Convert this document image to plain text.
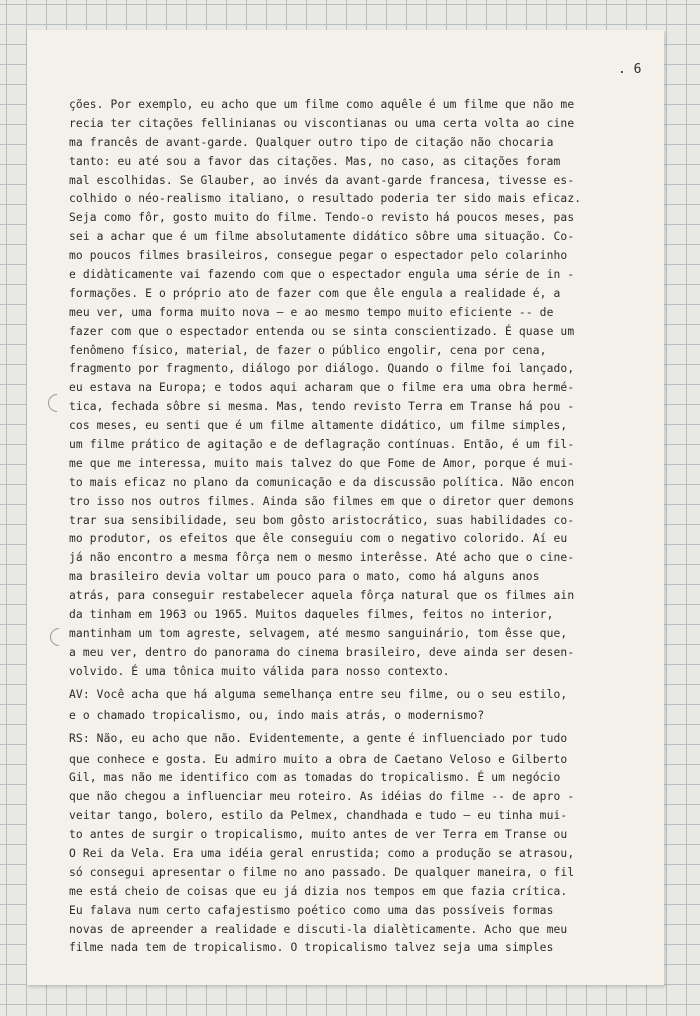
. 6
ções. Por exemplo, eu acho que um filme como aquêle é um filme que não me
recia ter citações fellinianas ou viscontianas ou uma certa volta ao cine
ma francês de avant-garde. Qualquer outro tipo de citação não chocaria
tanto: eu até sou a favor das citações. Mas, no caso, as citações foram
mal escolhidas. Se Glauber, ao invés da avant-garde francesa, tivesse es-
colhido o néo-realismo italiano, o resultado poderia ter sido mais eficaz.
Seja como fôr, gosto muito do filme. Tendo-o revisto há poucos meses, pas
sei a achar que é um filme absolutamente didático sôbre uma situação. Co-
mo poucos filmes brasileiros, consegue pegar o espectador pelo colarinho
e didàticamente vai fazendo com que o espectador engula uma série de in -
formações. E o próprio ato de fazer com que êle engula a realidade é, a
meu ver, uma forma muito nova — e ao mesmo tempo muito eficiente -- de
fazer com que o espectador entenda ou se sinta conscientizado. É quase um
fenômeno físico, material, de fazer o público engolir, cena por cena,
fragmento por fragmento, diálogo por diálogo. Quando o filme foi lançado,
eu estava na Europa; e todos aqui acharam que o filme era uma obra hermé-
tica, fechada sôbre si mesma. Mas, tendo revisto Terra em Transe há pou -
cos meses, eu senti que é um filme altamente didático, um filme simples,
um filme prático de agitação e de deflagração contínuas. Então, é um fil-
me que me interessa, muito mais talvez do que Fome de Amor, porque é mui-
to mais eficaz no plano da comunicação e da discussão política. Não encon
tro isso nos outros filmes. Ainda são filmes em que o diretor quer demons
trar sua sensibilidade, seu bom gôsto aristocrático, suas habilidades co-
mo produtor, os efeitos que êle conseguiu com o negativo colorido. Aí eu
já não encontro a mesma fôrça nem o mesmo interêsse. Até acho que o cine-
ma brasileiro devia voltar um pouco para o mato, como há alguns anos
atrás, para conseguir restabelecer aquela fôrça natural que os filmes ain
da tinham em 1963 ou 1965. Muitos daqueles filmes, feitos no interior,
mantinham um tom agreste, selvagem, até mesmo sanguinário, tom êsse que,
a meu ver, dentro do panorama do cinema brasileiro, deve ainda ser desen-
volvido. É uma tônica muito válida para nosso contexto.
AV: Você acha que há alguma semelhança entre seu filme, ou o seu estilo,
e o chamado tropicalismo, ou, indo mais atrás, o modernismo?
RS: Não, eu acho que não. Evidentemente, a gente é influenciado por tudo
que conhece e gosta. Eu admiro muito a obra de Caetano Veloso e Gilberto
Gil, mas não me identifico com as tomadas do tropicalismo. É um negócio
que não chegou a influenciar meu roteiro. As idéias do filme -- de apro -
veitar tango, bolero, estilo da Pelmex, chandhada e tudo — eu tinha mui-
to antes de surgir o tropicalismo, muito antes de ver Terra em Transe ou
O Rei da Vela. Era uma idéia geral enrustida; como a produção se atrasou,
só consegui apresentar o filme no ano passado. De qualquer maneira, o fil
me está cheio de coisas que eu já dizia nos tempos em que fazia crítica.
Eu falava num certo cafajestismo poético como uma das possíveis formas
novas de apreender a realidade e discuti-la dialèticamente. Acho que meu
filme nada tem de tropicalismo. O tropicalismo talvez seja uma simples
